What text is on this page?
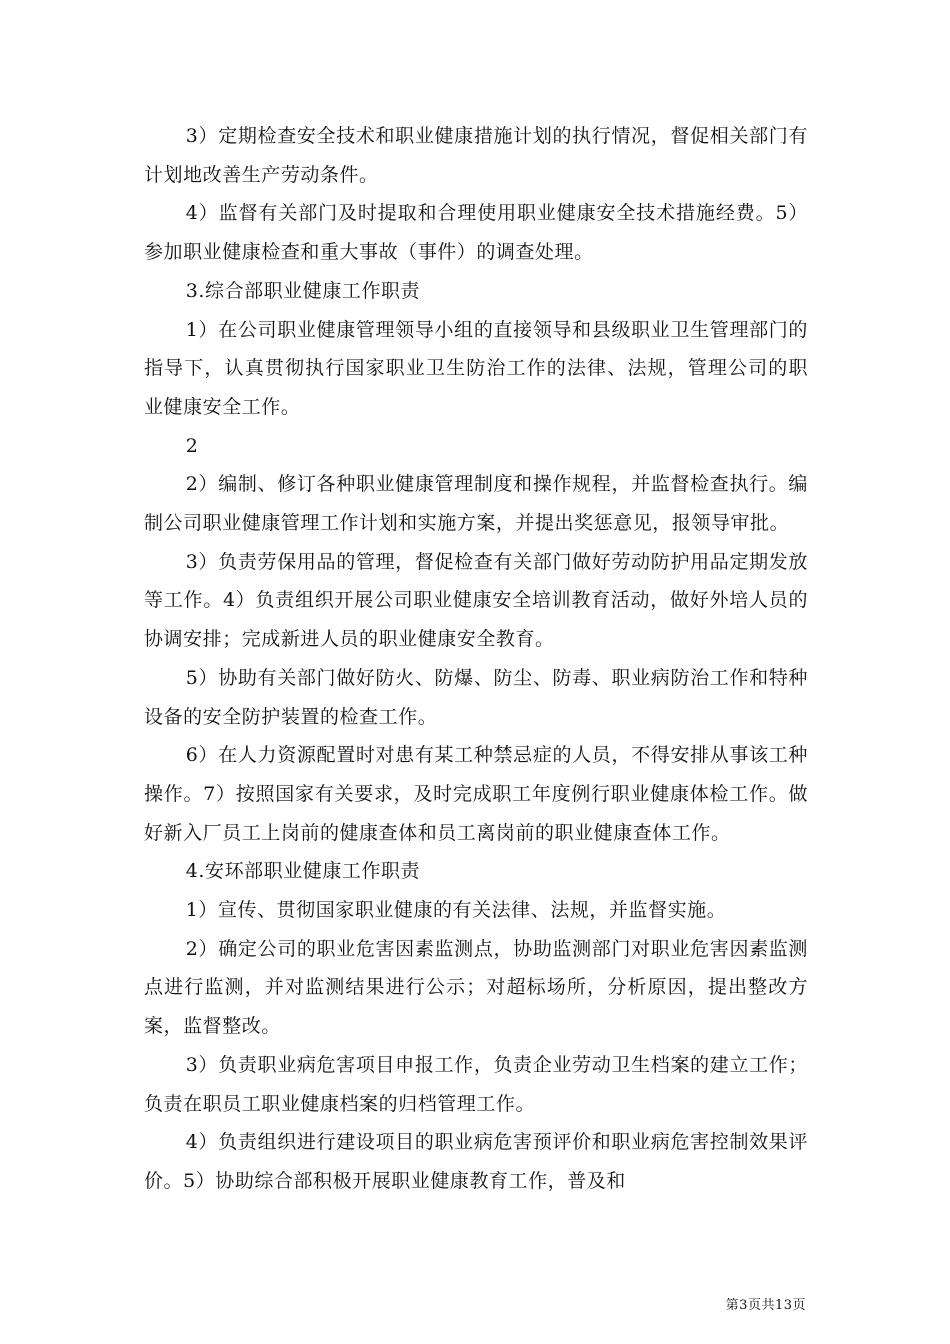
3）定期检查安全技术和职业健康措施计划的执行情况，督促相关部门有计划地改善生产劳动条件。

4）监督有关部门及时提取和合理使用职业健康安全技术措施经费。5）参加职业健康检查和重大事故（事件）的调查处理。

3.综合部职业健康工作职责

1）在公司职业健康管理领导小组的直接领导和县级职业卫生管理部门的指导下，认真贯彻执行国家职业卫生防治工作的法律、法规，管理公司的职业健康安全工作。

2

2）编制、修订各种职业健康管理制度和操作规程，并监督检查执行。编制公司职业健康管理工作计划和实施方案，并提出奖惩意见，报领导审批。

3）负责劳保用品的管理，督促检查有关部门做好劳动防护用品定期发放等工作。4）负责组织开展公司职业健康安全培训教育活动，做好外培人员的协调安排；完成新进人员的职业健康安全教育。

5）协助有关部门做好防火、防爆、防尘、防毒、职业病防治工作和特种设备的安全防护装置的检查工作。

6）在人力资源配置时对患有某工种禁忌症的人员，不得安排从事该工种操作。7）按照国家有关要求，及时完成职工年度例行职业健康体检工作。做好新入厂员工上岗前的健康查体和员工离岗前的职业健康查体工作。

4.安环部职业健康工作职责

1）宣传、贯彻国家职业健康的有关法律、法规，并监督实施。

2）确定公司的职业危害因素监测点，协助监测部门对职业危害因素监测点进行监测，并对监测结果进行公示；对超标场所，分析原因，提出整改方案，监督整改。

3）负责职业病危害项目申报工作，负责企业劳动卫生档案的建立工作；负责在职员工职业健康档案的归档管理工作。

4）负责组织进行建设项目的职业病危害预评价和职业病危害控制效果评价。5）协助综合部积极开展职业健康教育工作，普及和

第3页共13页
